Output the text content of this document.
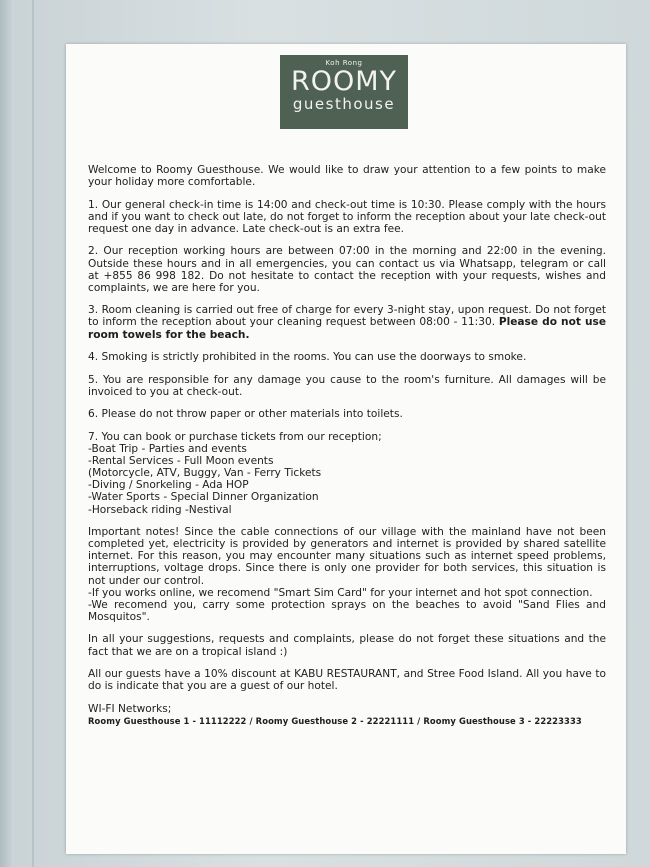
Koh Rong
ROOMY
guesthouse

Welcome to Roomy Guesthouse. We would like to draw your attention to a few points to make your holiday more comfortable.

1. Our general check-in time is 14:00 and check-out time is 10:30. Please comply with the hours and if you want to check out late, do not forget to inform the reception about your late check-out request one day in advance. Late check-out is an extra fee.

2. Our reception working hours are between 07:00 in the morning and 22:00 in the evening. Outside these hours and in all emergencies, you can contact us via Whatsapp, telegram or call at +855 86 998 182. Do not hesitate to contact the reception with your requests, wishes and complaints, we are here for you.

3. Room cleaning is carried out free of charge for every 3-night stay, upon request. Do not forget to inform the reception about your cleaning request between 08:00 - 11:30. Please do not use room towels for the beach.

4. Smoking is strictly prohibited in the rooms. You can use the doorways to smoke.

5. You are responsible for any damage you cause to the room's furniture. All damages will be invoiced to you at check-out.

6. Please do not throw paper or other materials into toilets.

7. You can book or purchase tickets from our reception;
-Boat Trip - Parties and events
-Rental Services - Full Moon events
(Motorcycle, ATV, Buggy, Van - Ferry Tickets
-Diving / Snorkeling - Ada HOP
-Water Sports - Special Dinner Organization
-Horseback riding -Nestival

Important notes! Since the cable connections of our village with the mainland have not been completed yet, electricity is provided by generators and internet is provided by shared satellite internet. For this reason, you may encounter many situations such as internet speed problems, interruptions, voltage drops. Since there is only one provider for both services, this situation is not under our control.
-If you works online, we recomend "Smart Sim Card" for your internet and hot spot connection.
-We recomend you, carry some protection sprays on the beaches to avoid "Sand Flies and Mosquitos".

In all your suggestions, requests and complaints, please do not forget these situations and the fact that we are on a tropical island :)

All our guests have a 10% discount at KABU RESTAURANT, and Stree Food Island. All you have to do is indicate that you are a guest of our hotel.

WI-FI Networks;

Roomy Guesthouse 1 - 11112222 / Roomy Guesthouse 2 - 22221111 / Roomy Guesthouse 3 - 22223333
